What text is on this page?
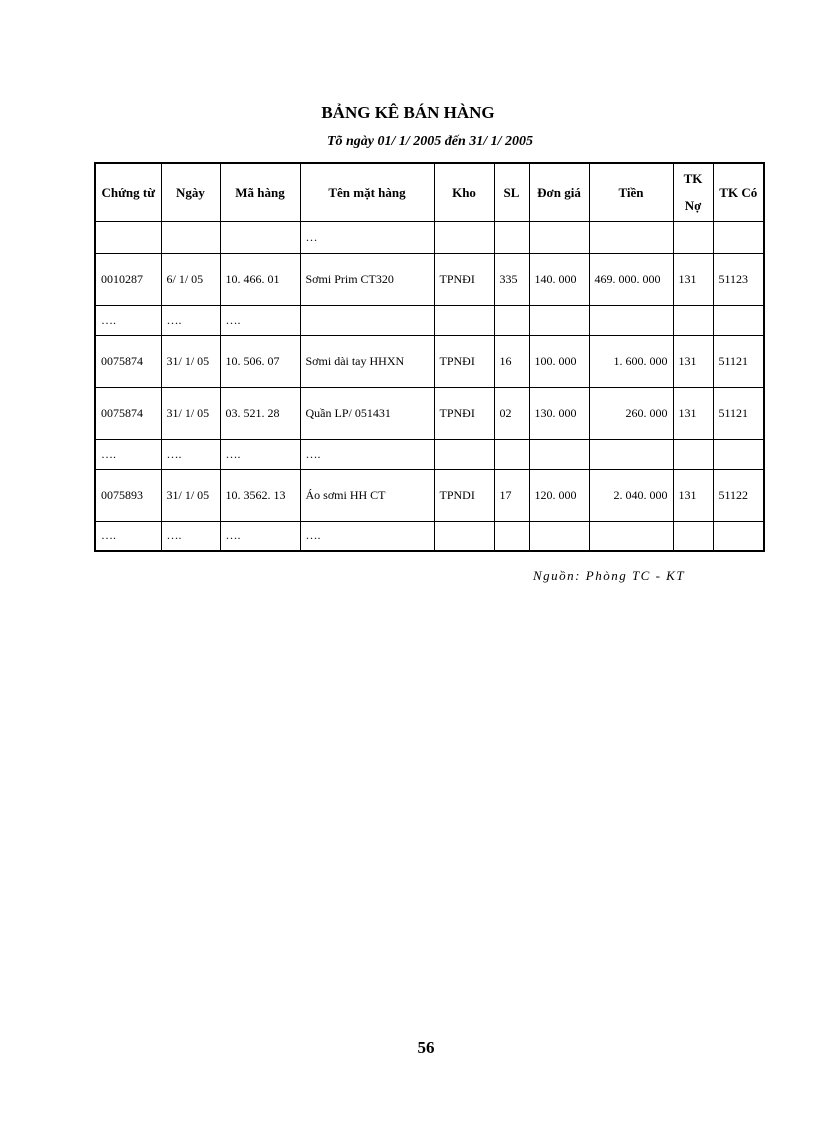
BẢNG KÊ BÁN HÀNG
Tõ ngày 01/ 1/ 2005 đến 31/ 1/ 2005
Chứng từ	Ngày	Mã hàng	Tên mặt hàng	Kho	SL	Đơn giá	Tiền	TK Nợ	TK Có
			…						
0010287	6/ 1/ 05	10. 466. 01	Sơmi Prim CT320	TPNĐI	335	140. 000	469. 000. 000	131	51123
….	….	….							
0075874	31/ 1/ 05	10. 506. 07	Sơmi dài tay HHXN	TPNĐI	16	100. 000	1. 600. 000	131	51121
0075874	31/ 1/ 05	03. 521. 28	Quần LP/ 051431	TPNĐI	02	130. 000	260. 000	131	51121
….	….	….	….						
0075893	31/ 1/ 05	10. 3562. 13	Áo sơmi HH CT	TPNDI	17	120. 000	2. 040. 000	131	51122
….	….	….	….						
Nguồn: Phòng TC - KT
56
